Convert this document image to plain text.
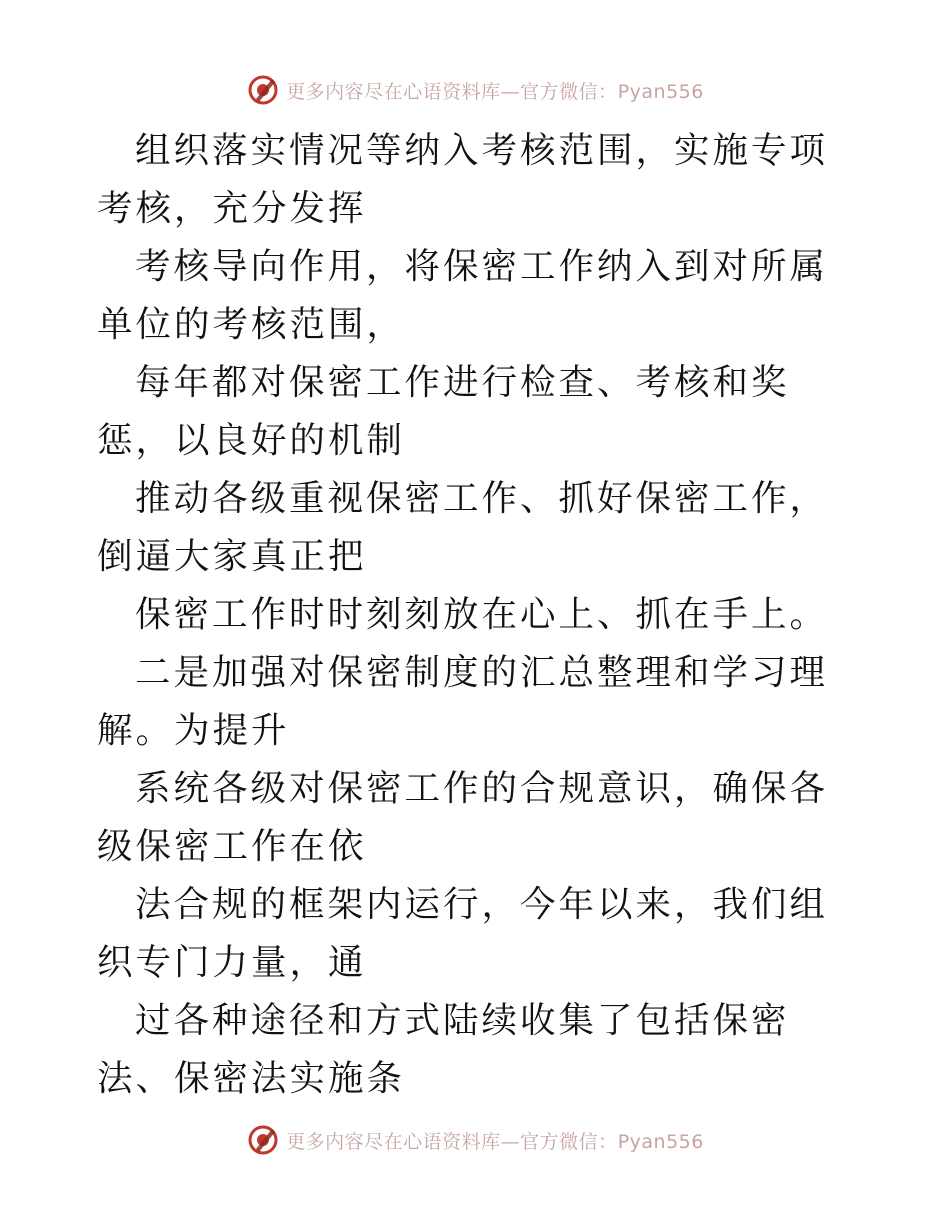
更多内容尽在心语资料库—官方微信：Pyan556

组织落实情况等纳入考核范围，实施专项考核，充分发挥

考核导向作用，将保密工作纳入到对所属单位的考核范围，

每年都对保密工作进行检查、考核和奖惩，以良好的机制

推动各级重视保密工作、抓好保密工作，倒逼大家真正把

保密工作时时刻刻放在心上、抓在手上。

二是加强对保密制度的汇总整理和学习理解。为提升

系统各级对保密工作的合规意识，确保各级保密工作在依

法合规的框架内运行，今年以来，我们组织专门力量，通

过各种途径和方式陆续收集了包括保密法、保密法实施条

更多内容尽在心语资料库—官方微信：Pyan556
